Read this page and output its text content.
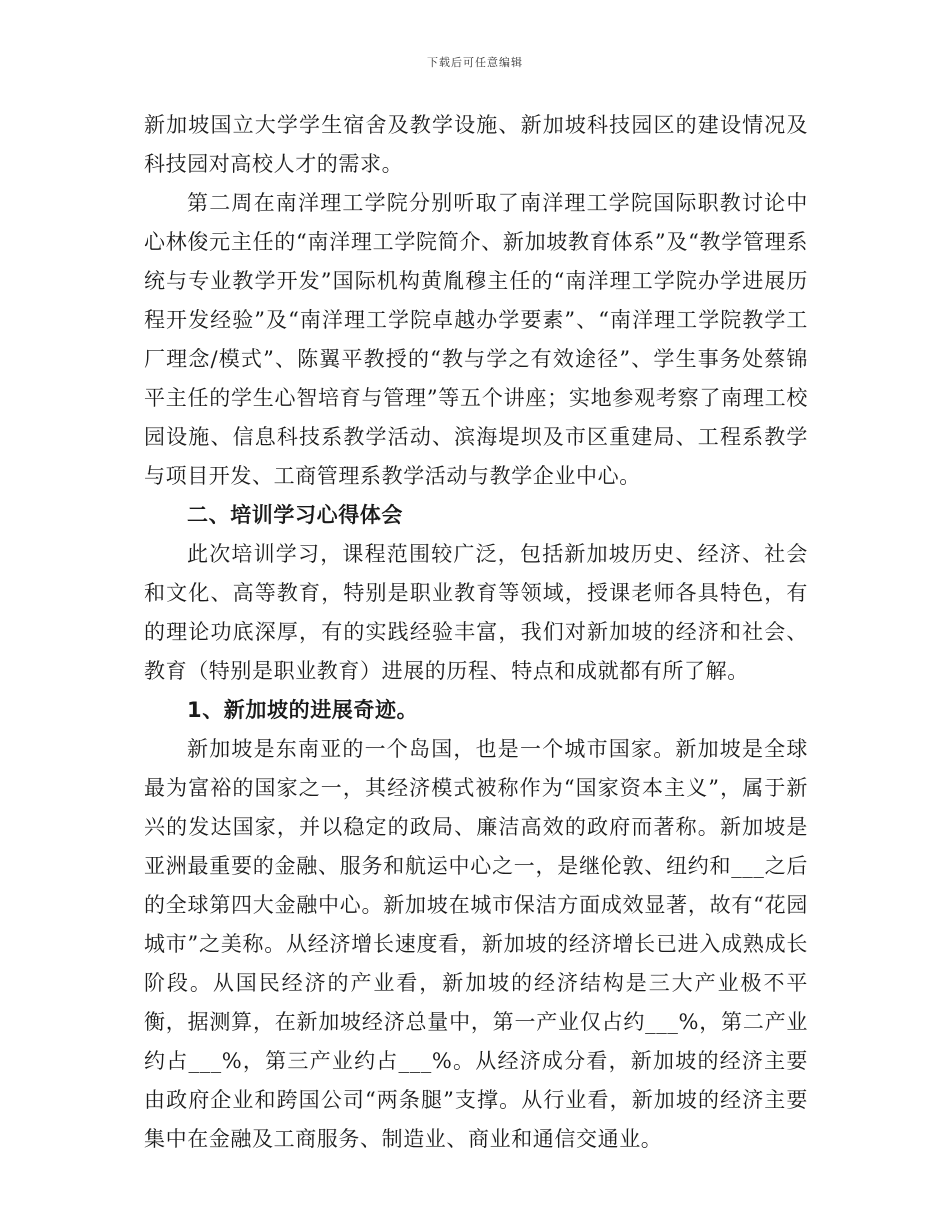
下载后可任意编辑

新加坡国立大学学生宿舍及教学设施、新加坡科技园区的建设情况及科技园对高校人才的需求。

第二周在南洋理工学院分别听取了南洋理工学院国际职教讨论中心林俊元主任的“南洋理工学院简介、新加坡教育体系”及“教学管理系统与专业教学开发”国际机构黄胤穆主任的“南洋理工学院办学进展历程开发经验”及“南洋理工学院卓越办学要素”、“南洋理工学院教学工厂理念/模式”、陈翼平教授的“教与学之有效途径”、学生事务处蔡锦平主任的学生心智培育与管理”等五个讲座；实地参观考察了南理工校园设施、信息科技系教学活动、滨海堤坝及市区重建局、工程系教学与项目开发、工商管理系教学活动与教学企业中心。

二、培训学习心得体会

此次培训学习，课程范围较广泛，包括新加坡历史、经济、社会和文化、高等教育，特别是职业教育等领域，授课老师各具特色，有的理论功底深厚，有的实践经验丰富，我们对新加坡的经济和社会、教育（特别是职业教育）进展的历程、特点和成就都有所了解。

1、新加坡的进展奇迹。

新加坡是东南亚的一个岛国，也是一个城市国家。新加坡是全球最为富裕的国家之一，其经济模式被称作为“国家资本主义”，属于新兴的发达国家，并以稳定的政局、廉洁高效的政府而著称。新加坡是亚洲最重要的金融、服务和航运中心之一，是继伦敦、纽约和___之后的全球第四大金融中心。新加坡在城市保洁方面成效显著，故有“花园城市”之美称。从经济增长速度看，新加坡的经济增长已进入成熟成长阶段。从国民经济的产业看，新加坡的经济结构是三大产业极不平衡，据测算，在新加坡经济总量中，第一产业仅占约___%，第二产业约占___%，第三产业约占___%。从经济成分看，新加坡的经济主要由政府企业和跨国公司“两条腿”支撑。从行业看，新加坡的经济主要集中在金融及工商服务、制造业、商业和通信交通业。
